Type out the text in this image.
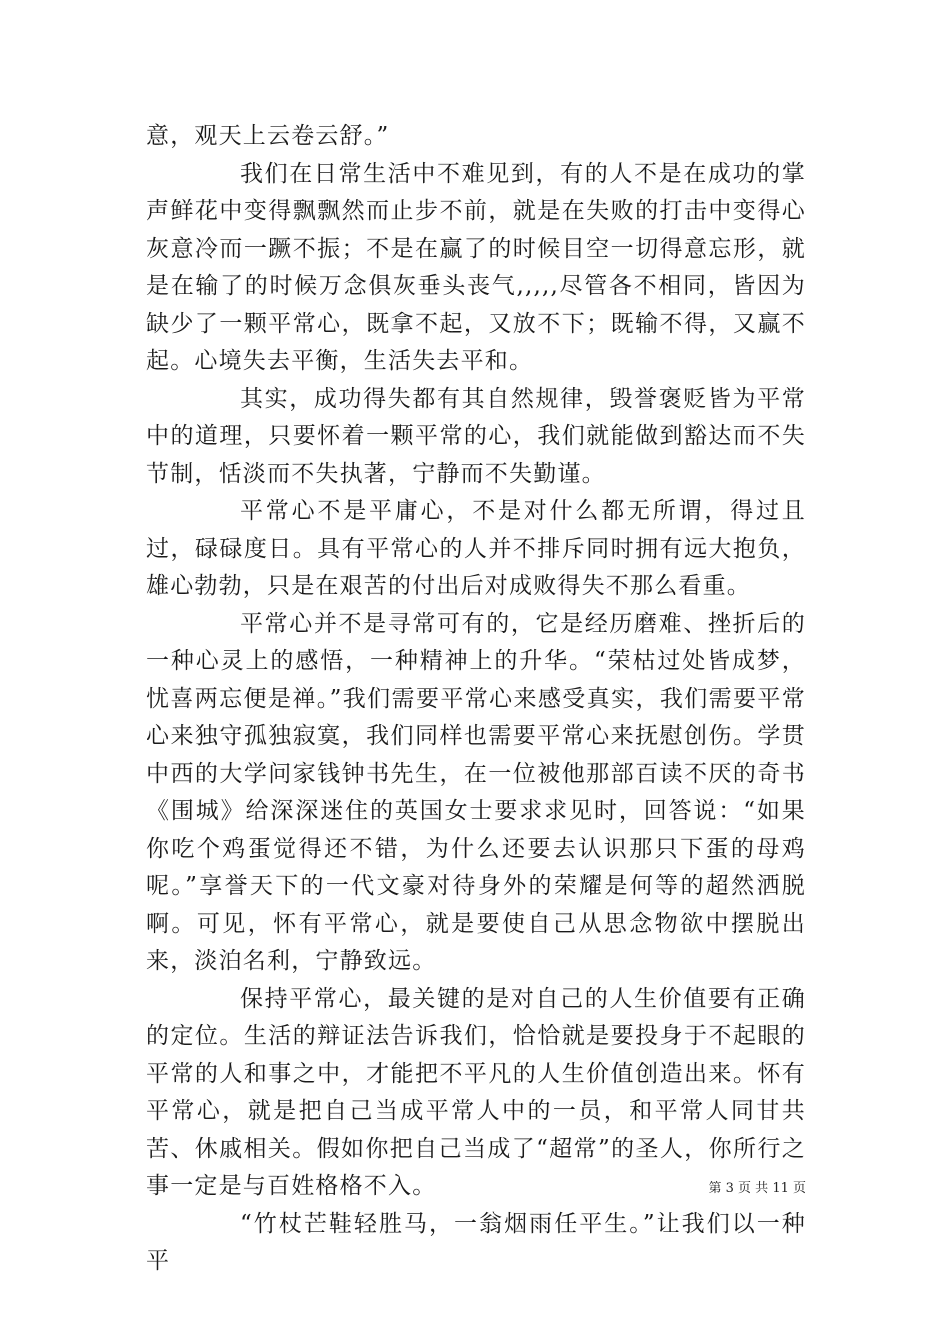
意，观天上云卷云舒。”

我们在日常生活中不难见到，有的人不是在成功的掌声鲜花中变得飘飘然而止步不前，就是在失败的打击中变得心灰意冷而一蹶不振；不是在赢了的时候目空一切得意忘形，就是在输了的时候万念俱灰垂头丧气,,,,,尽管各不相同，皆因为缺少了一颗平常心，既拿不起，又放不下；既输不得，又赢不起。心境失去平衡，生活失去平和。

其实，成功得失都有其自然规律，毁誉褒贬皆为平常中的道理，只要怀着一颗平常的心，我们就能做到豁达而不失节制，恬淡而不失执著，宁静而不失勤谨。

平常心不是平庸心，不是对什么都无所谓，得过且过，碌碌度日。具有平常心的人并不排斥同时拥有远大抱负，雄心勃勃，只是在艰苦的付出后对成败得失不那么看重。

平常心并不是寻常可有的，它是经历磨难、挫折后的一种心灵上的感悟，一种精神上的升华。“荣枯过处皆成梦，忧喜两忘便是禅。”我们需要平常心来感受真实，我们需要平常心来独守孤独寂寞，我们同样也需要平常心来抚慰创伤。学贯中西的大学问家钱钟书先生，在一位被他那部百读不厌的奇书《围城》给深深迷住的英国女士要求求见时，回答说：“如果你吃个鸡蛋觉得还不错，为什么还要去认识那只下蛋的母鸡呢。”享誉天下的一代文豪对待身外的荣耀是何等的超然洒脱啊。可见，怀有平常心，就是要使自己从思念物欲中摆脱出来，淡泊名利，宁静致远。

保持平常心，最关键的是对自己的人生价值要有正确的定位。生活的辩证法告诉我们，恰恰就是要投身于不起眼的平常的人和事之中，才能把不平凡的人生价值创造出来。怀有平常心，就是把自己当成平常人中的一员，和平常人同甘共苦、休戚相关。假如你把自己当成了“超常”的圣人，你所行之事一定是与百姓格格不入。

“竹杖芒鞋轻胜马，一翁烟雨任平生。”让我们以一种平

第 3 页 共 11 页
